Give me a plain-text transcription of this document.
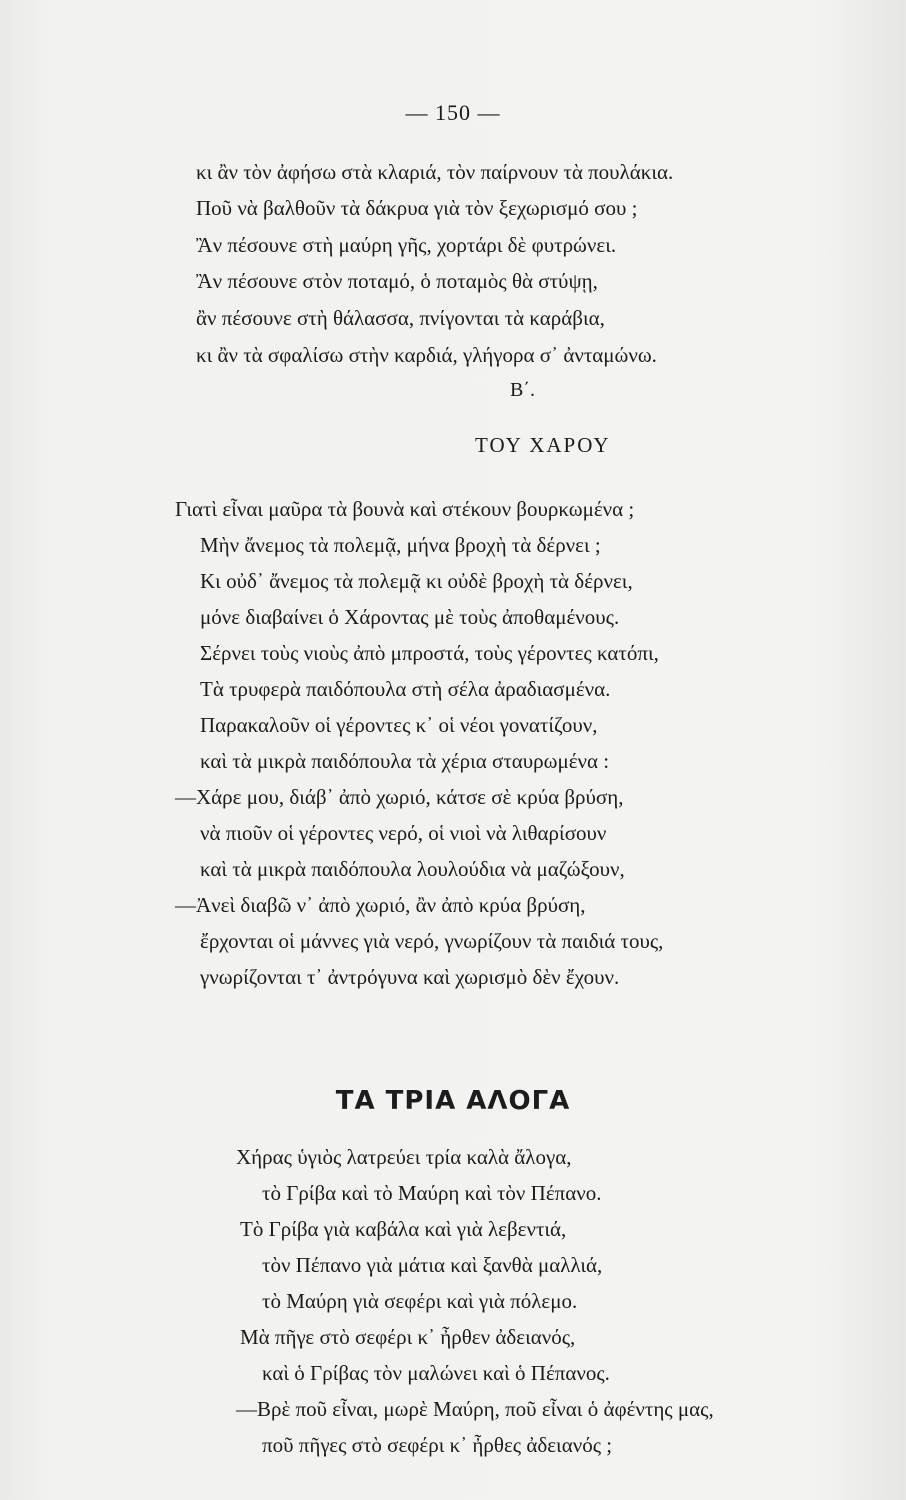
— 150 —
κι ἂν τὸν ἀφήσω στὰ κλαριά, τὸν παίρνουν τὰ πουλάκια.
Ποῦ νὰ βαλθοῦν τὰ δάκρυα γιὰ τὸν ξεχωρισμό σου ;
Ἂν πέσουνε στὴ μαύρη γῆς, χορτάρι δὲ φυτρώνει.
Ἂν πέσουνε στὸν ποταμό, ὁ ποταμὸς θὰ στύψῃ,
ἂν πέσουνε στὴ θάλασσα, πνίγονται τὰ καράβια,
κι ἂν τὰ σφαλίσω στὴν καρδιά, γλήγορα σ᾿ ἀνταμώνω.
Β΄.
ΤΟΥ ΧΑΡΟΥ
Γιατὶ εἶναι μαῦρα τὰ βουνὰ καὶ στέκουν βουρκωμένα ;
Μὴν ἄνεμος τὰ πολεμᾷ, μήνα βροχὴ τὰ δέρνει ;
Κι οὐδ᾿ ἄνεμος τὰ πολεμᾷ κι οὐδὲ βροχὴ τὰ δέρνει,
μόνε διαβαίνει ὁ Χάροντας μὲ τοὺς ἀποθαμένους.
Σέρνει τοὺς νιοὺς ἀπὸ μπροστά, τοὺς γέροντες κατόπι,
Τὰ τρυφερὰ παιδόπουλα στὴ σέλα ἀραδιασμένα.
Παρακαλοῦν οἱ γέροντες κ᾿ οἱ νέοι γονατίζουν,
καὶ τὰ μικρὰ παιδόπουλα τὰ χέρια σταυρωμένα :
—Χάρε μου, διάβ᾿ ἀπὸ χωριό, κάτσε σὲ κρύα βρύση,
νὰ πιοῦν οἱ γέροντες νερό, οἱ νιοὶ νὰ λιθαρίσουν
καὶ τὰ μικρὰ παιδόπουλα λουλούδια νὰ μαζώξουν,
—Ἀνεὶ διαβῶ ν᾿ ἀπὸ χωριό, ἂν ἀπὸ κρύα βρύση,
ἔρχονται οἱ μάννες γιὰ νερό, γνωρίζουν τὰ παιδιά τους,
γνωρίζονται τ᾿ ἀντρόγυνα καὶ χωρισμὸ δὲν ἔχουν.
ΤΑ ΤΡΙΑ ΑΛΟΓΑ
Χήρας ὑγιὸς λατρεύει τρία καλὰ ἄλογα,
τὸ Γρίβα καὶ τὸ Μαύρη καὶ τὸν Πέπανο.
Τὸ Γρίβα γιὰ καβάλα καὶ γιὰ λεβεντιά,
τὸν Πέπανο γιὰ μάτια καὶ ξανθὰ μαλλιά,
τὸ Μαύρη γιὰ σεφέρι καὶ γιὰ πόλεμο.
Μὰ πῆγε στὸ σεφέρι κ᾿ ἦρθεν ἀδειανός,
καὶ ὁ Γρίβας τὸν μαλώνει καὶ ὁ Πέπανος.
—Βρὲ ποῦ εἶναι, μωρὲ Μαύρη, ποῦ εἶναι ὁ ἀφέντης μας,
ποῦ πῆγες στὸ σεφέρι κ᾿ ἦρθες ἀδειανός ;
